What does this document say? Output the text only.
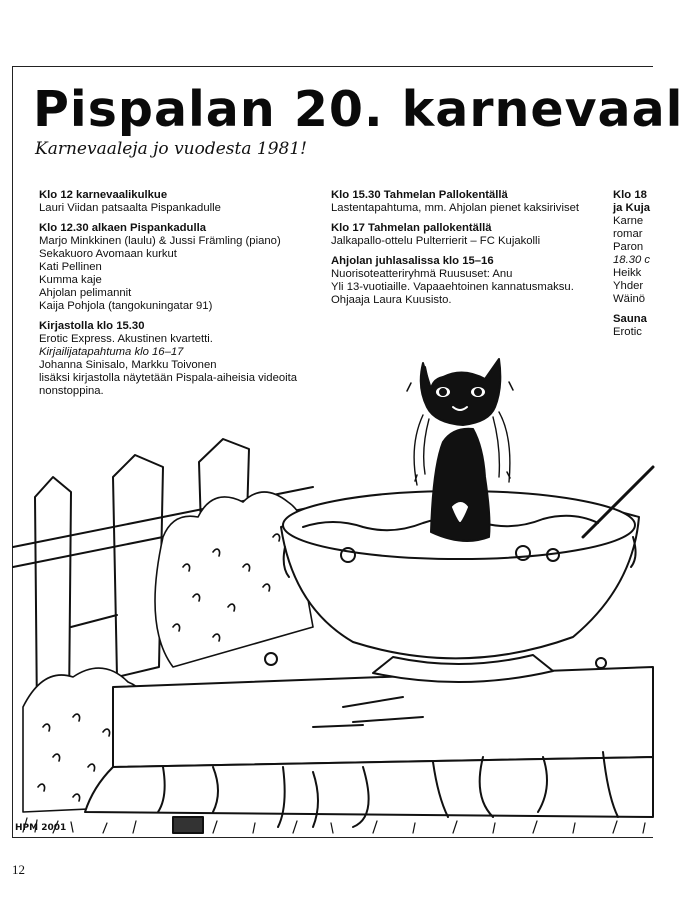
Pispalan 20. karnevaal
Karnevaaleja jo vuodesta 1981!
Klo 12 karnevaalikulkue
Lauri Viidan patsaalta Pispankadulle
Klo 12.30 alkaen Pispankadulla
Marjo Minkkinen (laulu) & Jussi Främling (piano)
Sekakuoro Avomaan kurkut
Kati Pellinen
Kumma kaje
Ahjolan pelimannit
Kaija Pohjola (tangokuningatar 91)
Kirjastolla klo 15.30
Erotic Express. Akustinen kvartetti.
Kirjailijatapahtuma klo 16–17
Johanna Sinisalo, Markku Toivonen
lisäksi kirjastolla näytetään Pispala-aiheisia videoita
nonstoppina.
Klo 15.30 Tahmelan Pallokentällä
Lastentapahtuma, mm. Ahjolan pienet kaksiriviset
Klo 17 Tahmelan pallokentällä
Jalkapallo-ottelu Pulterrierit – FC Kujakolli
Ahjolan juhlasalissa klo 15–16
Nuorisoteatteriryhmä Ruususet: Anu
Yli 13-vuotiaille. Vapaaehtoinen kannatusmaksu.
Ohjaaja Laura Kuusisto.
Klo 18
ja Kuja
Karne
romar
Paron
18.30 c
Heikk
Yhder
Wäinö
Sauna
Erotic
HPM 2001
12
